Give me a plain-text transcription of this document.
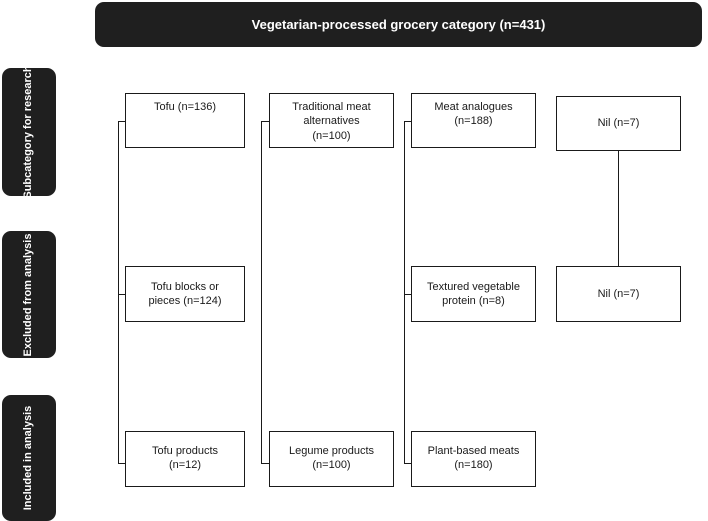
Vegetarian-processed grocery category (n=431)
Subcategory for research
Excluded from analysis
Included in analysis
Tofu (n=136)
Tofu blocks or
pieces (n=124)
Tofu products
(n=12)
Traditional meat
alternatives
(n=100)
Legume products
(n=100)
Meat analogues
(n=188)
Textured vegetable
protein (n=8)
Plant-based meats
(n=180)
Nil (n=7)
Nil (n=7)
